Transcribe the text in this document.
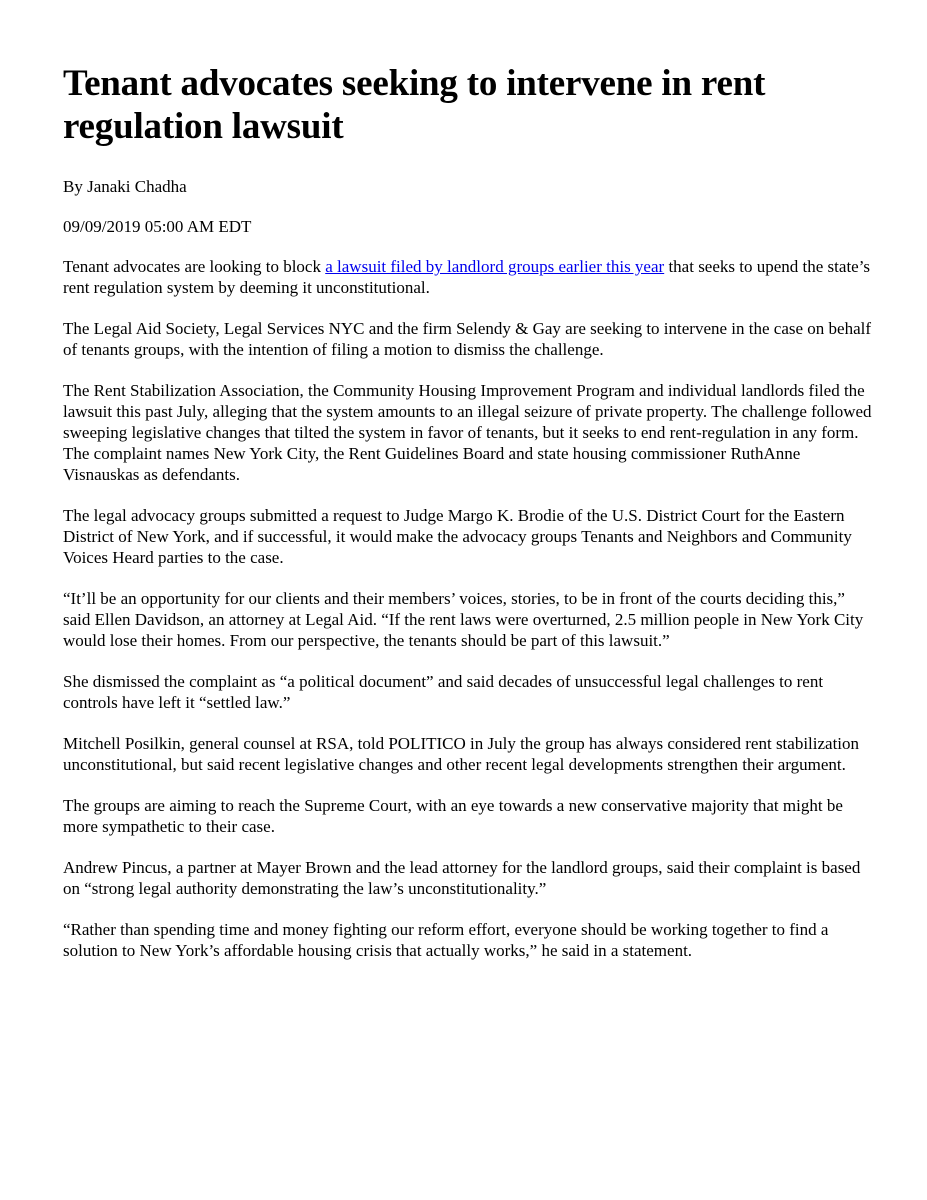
Tenant advocates seeking to intervene in rent regulation lawsuit
By Janaki Chadha
09/09/2019 05:00 AM EDT

Tenant advocates are looking to block a lawsuit filed by landlord groups earlier this year that seeks to upend the state’s rent regulation system by deeming it unconstitutional.

The Legal Aid Society, Legal Services NYC and the firm Selendy & Gay are seeking to intervene in the case on behalf of tenants groups, with the intention of filing a motion to dismiss the challenge.

The Rent Stabilization Association, the Community Housing Improvement Program and individual landlords filed the lawsuit this past July, alleging that the system amounts to an illegal seizure of private property. The challenge followed sweeping legislative changes that tilted the system in favor of tenants, but it seeks to end rent-regulation in any form. The complaint names New York City, the Rent Guidelines Board and state housing commissioner RuthAnne Visnauskas as defendants.

The legal advocacy groups submitted a request to Judge Margo K. Brodie of the U.S. District Court for the Eastern District of New York, and if successful, it would make the advocacy groups Tenants and Neighbors and Community Voices Heard parties to the case.

“It’ll be an opportunity for our clients and their members’ voices, stories, to be in front of the courts deciding this,” said Ellen Davidson, an attorney at Legal Aid. “If the rent laws were overturned, 2.5 million people in New York City would lose their homes. From our perspective, the tenants should be part of this lawsuit.”

She dismissed the complaint as “a political document” and said decades of unsuccessful legal challenges to rent controls have left it “settled law.”

Mitchell Posilkin, general counsel at RSA, told POLITICO in July the group has always considered rent stabilization unconstitutional, but said recent legislative changes and other recent legal developments strengthen their argument.

The groups are aiming to reach the Supreme Court, with an eye towards a new conservative majority that might be more sympathetic to their case.

Andrew Pincus, a partner at Mayer Brown and the lead attorney for the landlord groups, said their complaint is based on “strong legal authority demonstrating the law’s unconstitutionality.”

“Rather than spending time and money fighting our reform effort, everyone should be working together to find a solution to New York’s affordable housing crisis that actually works,” he said in a statement.
